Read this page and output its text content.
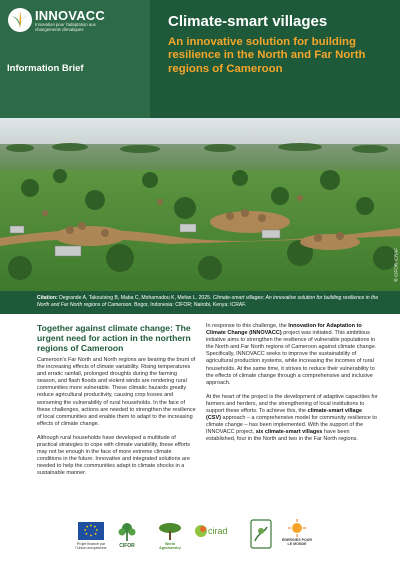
INNOVACC
Innovation pour l'adaptation aux changements climatiques
Information Brief
Climate-smart villages
An innovative solution for building resilience in the North and Far North regions of Cameroon
© CIFOR-ICRAF
Citation: Degrande A, Takoutsing B, Maba C, Mohamadou K, Mefan L. 2025. Climate-smart villages: An innovative solution for building resilience in the North and Far North regions of Cameroon. Bogor, Indonesia: CIFOR; Nairobi, Kenya: ICRAF.
Together against climate change: The urgent need for action in the northern regions of Cameroon

Cameroon's Far North and North regions are bearing the brunt of the increasing effects of climate variability. Rising temperatures and erratic rainfall, prolonged droughts during the farming season, and flash floods and violent winds are rendering rural communities more vulnerable. These climatic hazards greatly reduce agricultural productivity, causing crop losses and worsening the vulnerability of rural households. In the face of these challenges, actions are needed to strengthen the resilience of local communities and enable them to adapt to the increasing effects of climate change.

Although rural households have developed a multitude of practical strategies to cope with climate variability, these efforts may not be enough in the face of more extreme climate conditions in the future. Innovative and integrated solutions are needed to help the communities adapt to climate shocks in a sustainable manner.

In response to this challenge, the Innovation for Adaptation to Climate Change (INNOVACC) project was initiated. This ambitious initiative aims to strengthen the resilience of vulnerable populations in the North and Far North regions of Cameroon against climate change. Specifically, INNOVACC seeks to improve the sustainability of agricultural production systems, while increasing the incomes of rural households. At the same time, it strives to reduce their vulnerability to the effects of climate change through a comprehensive and inclusive approach.

At the heart of the project is the development of adaptive capacities for farmers and herders, and the strengthening of local institutions to support these efforts. To achieve this, the climate-smart village (CSV) approach – a comprehensive model for community resilience to climate change – has been implemented. With the support of the INNOVACC project, six climate-smart villages have been established, four in the North and two in the Far North regions.

Projet financé par l'Union européenne	CIFOR	World Agroforestry
cirad
ÉNERGIES POUR LE MONDE
